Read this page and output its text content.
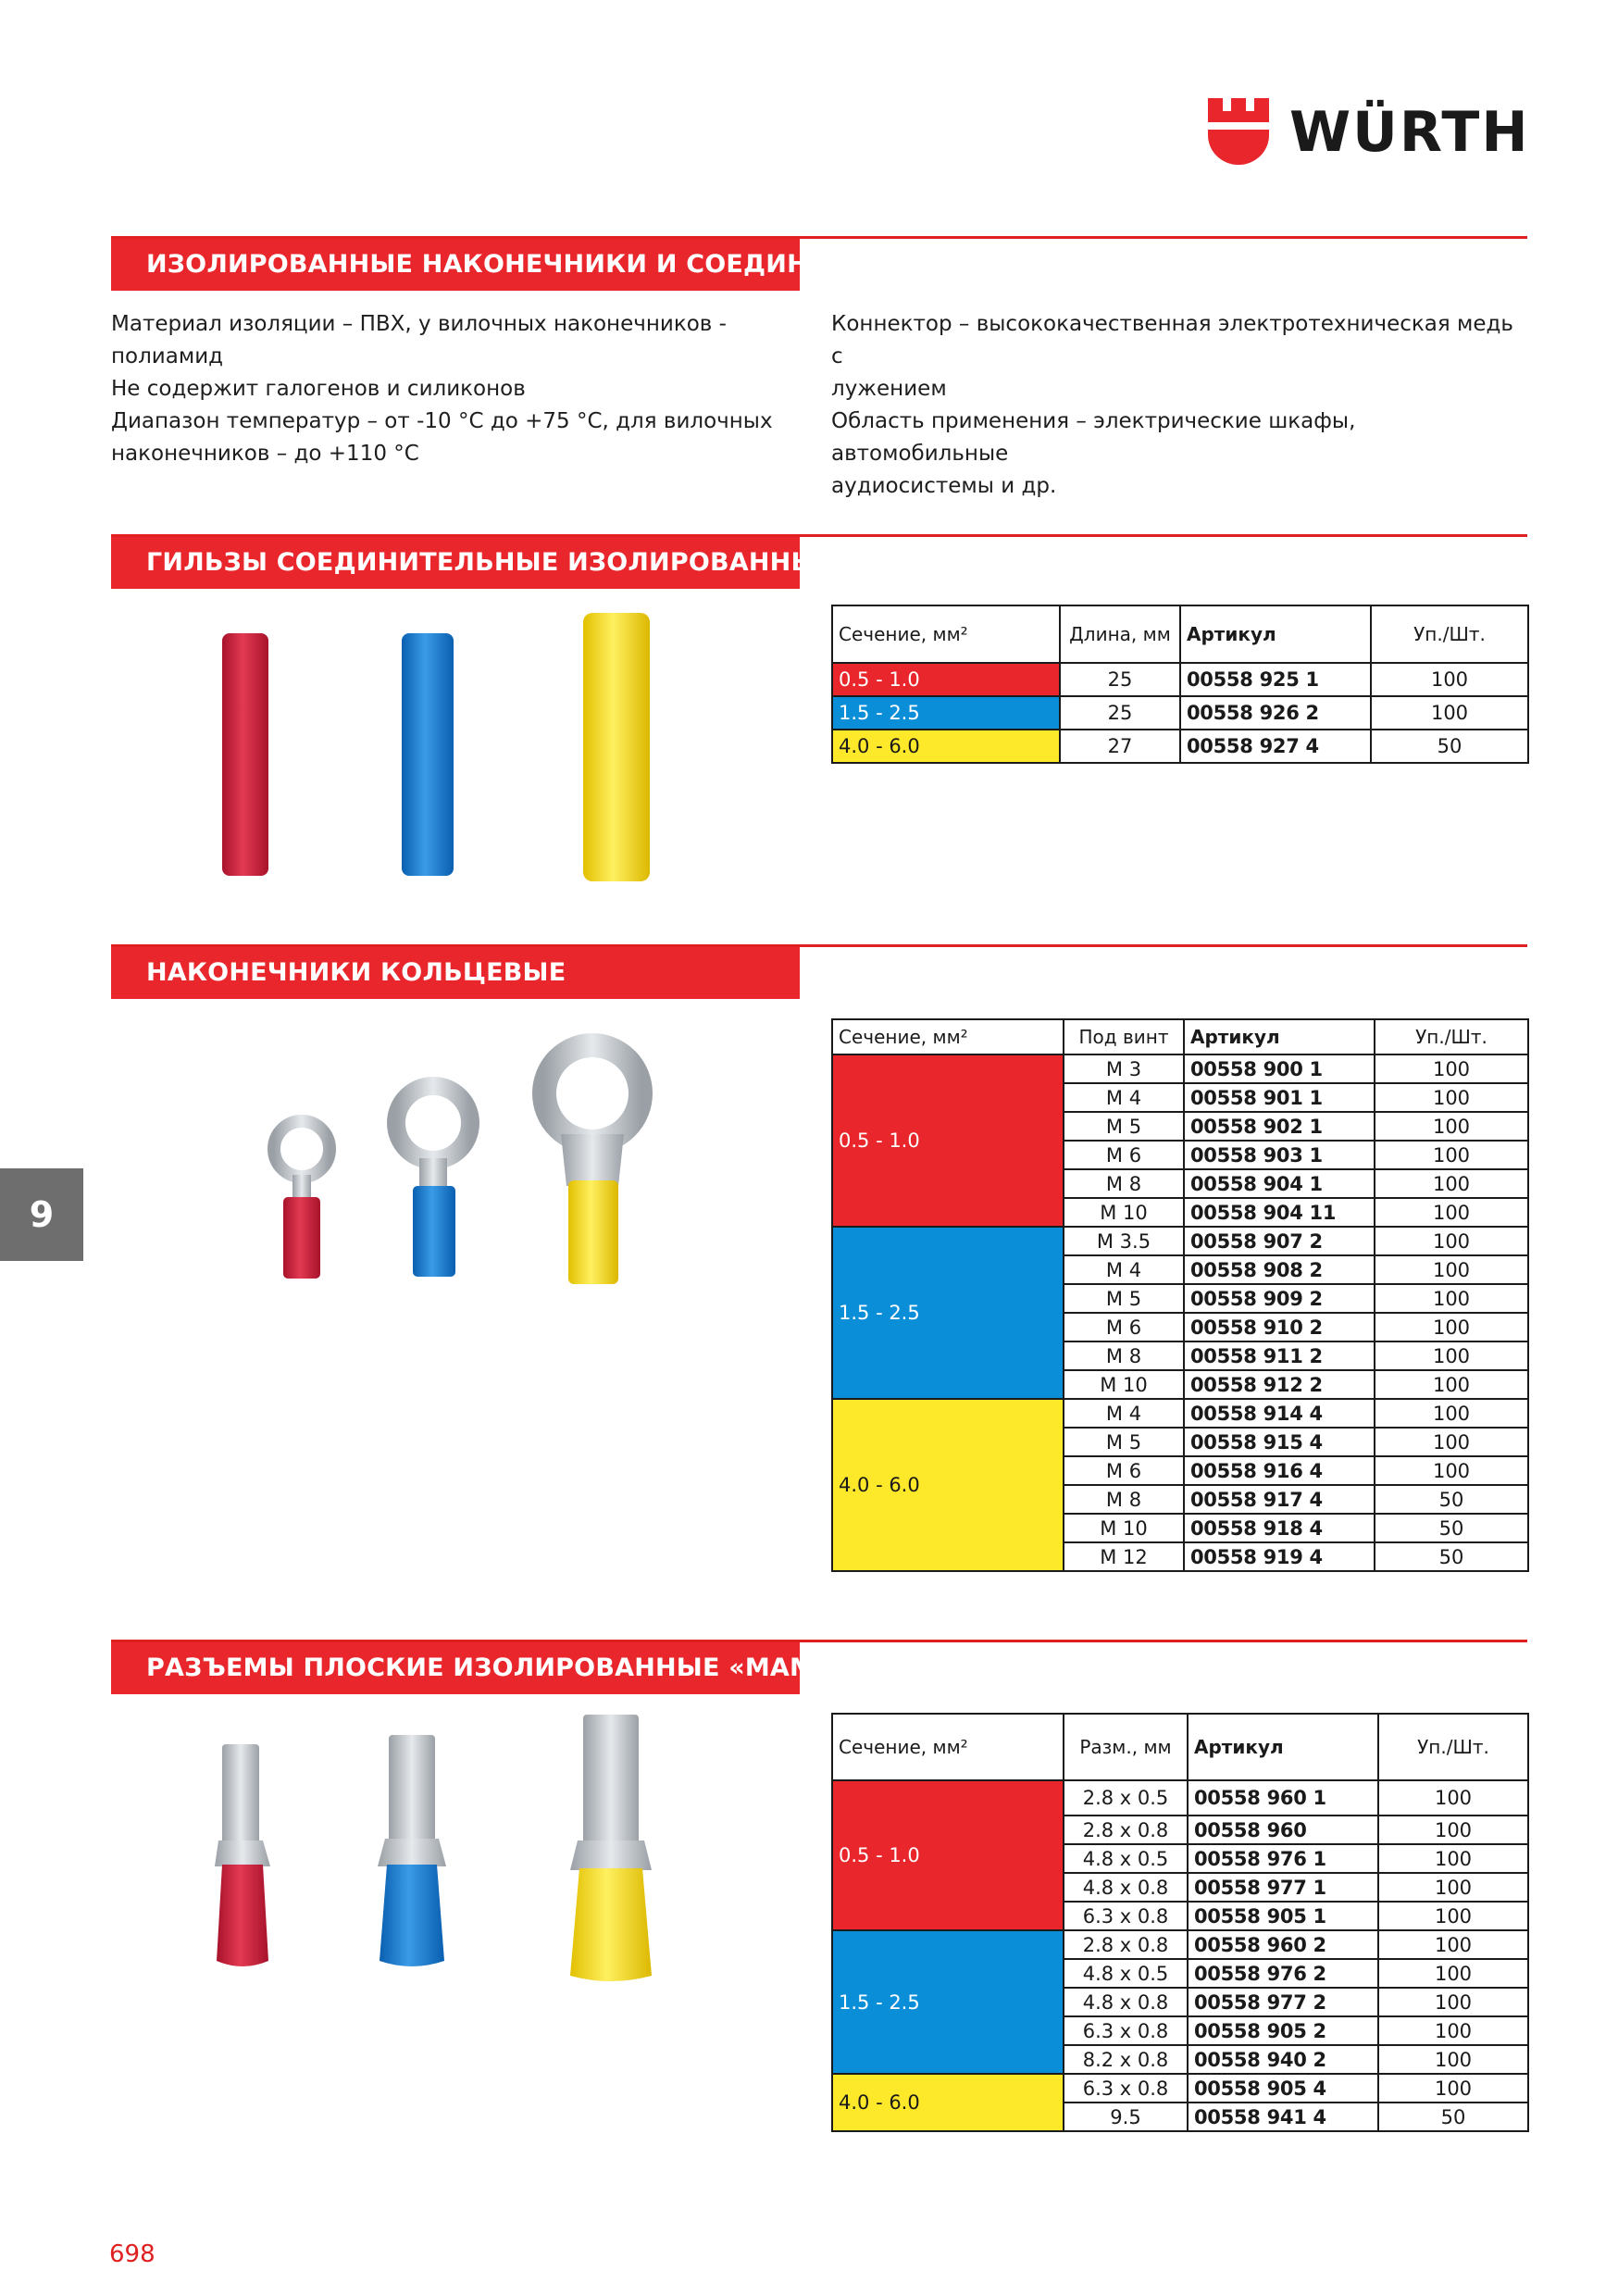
WÜRTH
ИЗОЛИРОВАННЫЕ НАКОНЕЧНИКИ И СОЕДИНИТЕЛИ

Материал изоляции – ПВХ, у вилочных наконечников -

полиамид

Не содержит галогенов и силиконов

Диапазон температур – от -10 °С до +75 °С, для вилочных

наконечников – до +110 °С

Коннектор – высококачественная электротехническая медь с

лужением

Область применения – электрические шкафы, автомобильные

аудиосистемы и др.

ГИЛЬЗЫ СОЕДИНИТЕЛЬНЫЕ ИЗОЛИРОВАННЫЕ
Сечение, мм²	Длина, мм	Артикул	Уп./Шт.
0.5 - 1.0	25	00558 925 1	100
1.5 - 2.5	25	00558 926 2	100
4.0 - 6.0	27	00558 927 4	50
НАКОНЕЧНИКИ КОЛЬЦЕВЫЕ
Сечение, мм²	Под винт	Артикул	Уп./Шт.
0.5 - 1.0	М 3	00558 900 1	100
	М 4	00558 901 1	100
	М 5	00558 902 1	100
	М 6	00558 903 1	100
	М 8	00558 904 1	100
	М 10	00558 904 11	100
1.5 - 2.5	М 3.5	00558 907 2	100
	М 4	00558 908 2	100
	М 5	00558 909 2	100
	М 6	00558 910 2	100
	М 8	00558 911 2	100
	М 10	00558 912 2	100
4.0 - 6.0	М 4	00558 914 4	100
	М 5	00558 915 4	100
	М 6	00558 916 4	100
	М 8	00558 917 4	50
	М 10	00558 918 4	50
	М 12	00558 919 4	50
РАЗЪЕМЫ ПЛОСКИЕ ИЗОЛИРОВАННЫЕ «МАМА»
Сечение, мм²	Разм., мм	Артикул	Уп./Шт.
0.5 - 1.0	2.8 x 0.5	00558 960 1	100
	2.8 x 0.8	00558 960	100
	4.8 x 0.5	00558 976 1	100
	4.8 x 0.8	00558 977 1	100
	6.3 x 0.8	00558 905 1	100
1.5 - 2.5	2.8 x 0.8	00558 960 2	100
	4.8 x 0.5	00558 976 2	100
	4.8 x 0.8	00558 977 2	100
	6.3 x 0.8	00558 905 2	100
	8.2 x 0.8	00558 940 2	100
4.0 - 6.0	6.3 x 0.8	00558 905 4	100
	9.5	00558 941 4	50
9
698
